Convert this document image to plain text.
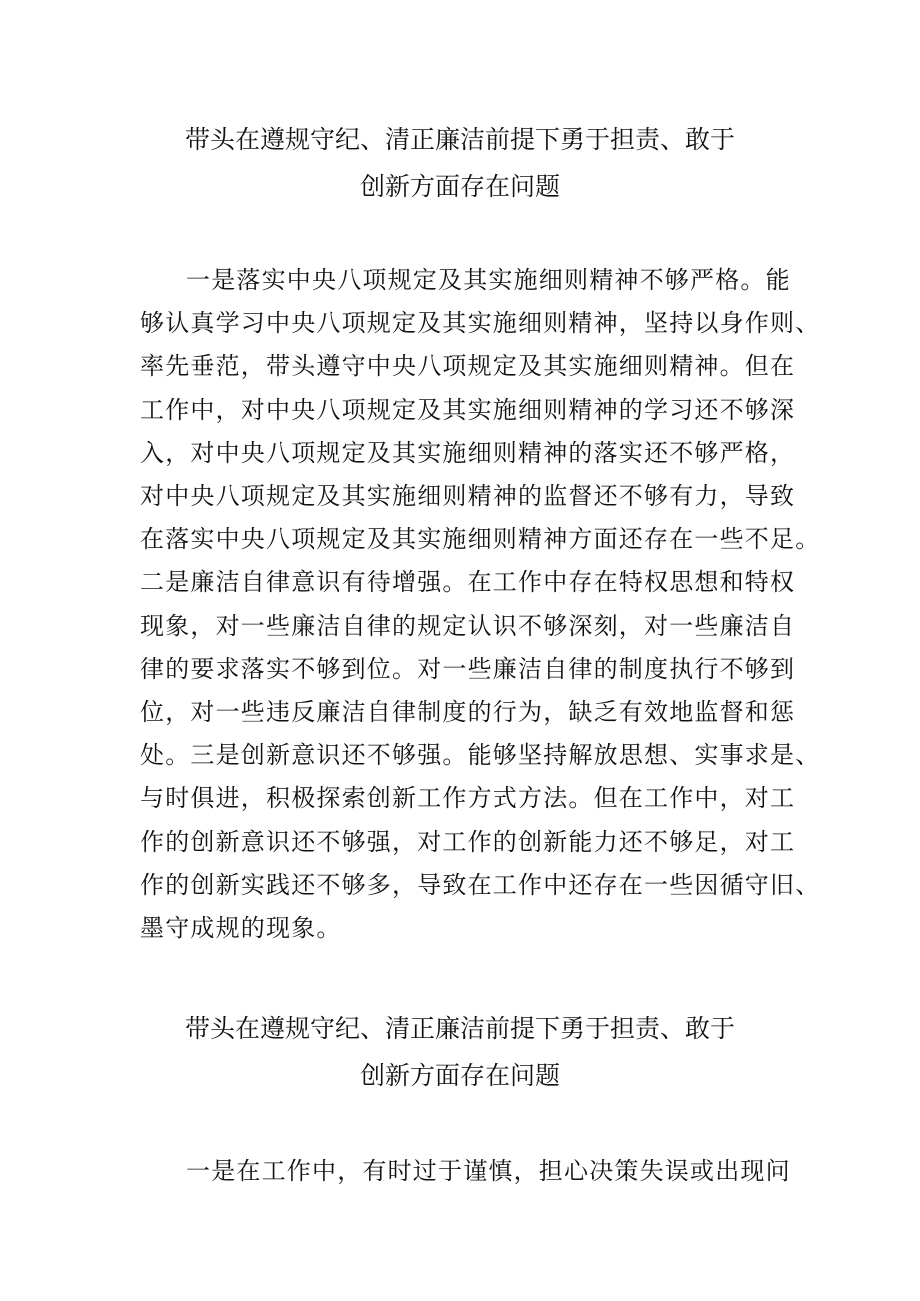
带头在遵规守纪、清正廉洁前提下勇于担责、敢于
创新方面存在问题

一是落实中央八项规定及其实施细则精神不够严格。能
够认真学习中央八项规定及其实施细则精神，坚持以身作则、
率先垂范，带头遵守中央八项规定及其实施细则精神。但在
工作中，对中央八项规定及其实施细则精神的学习还不够深
入，对中央八项规定及其实施细则精神的落实还不够严格，
对中央八项规定及其实施细则精神的监督还不够有力，导致
在落实中央八项规定及其实施细则精神方面还存在一些不足。
二是廉洁自律意识有待增强。在工作中存在特权思想和特权
现象，对一些廉洁自律的规定认识不够深刻，对一些廉洁自
律的要求落实不够到位。对一些廉洁自律的制度执行不够到
位，对一些违反廉洁自律制度的行为，缺乏有效地监督和惩
处。三是创新意识还不够强。能够坚持解放思想、实事求是、
与时俱进，积极探索创新工作方式方法。但在工作中，对工
作的创新意识还不够强，对工作的创新能力还不够足，对工
作的创新实践还不够多，导致在工作中还存在一些因循守旧、
墨守成规的现象。

带头在遵规守纪、清正廉洁前提下勇于担责、敢于
创新方面存在问题

一是在工作中，有时过于谨慎，担心决策失误或出现问
